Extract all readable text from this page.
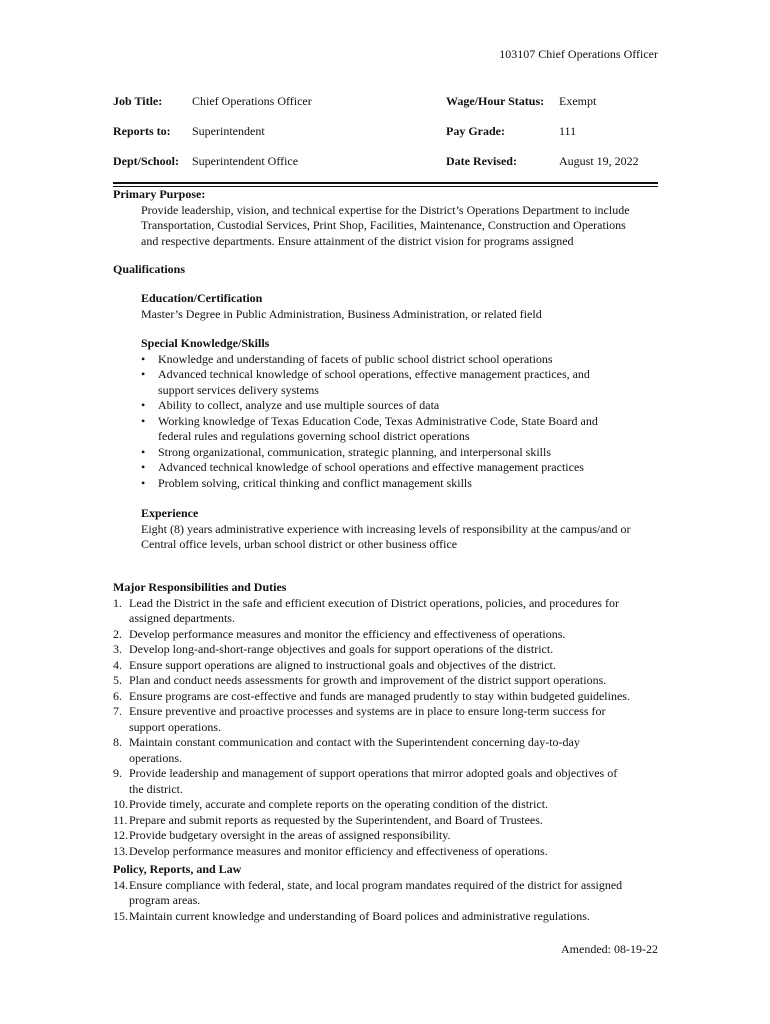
103107 Chief Operations Officer
Job Title: Chief Operations Officer	Wage/Hour Status: Exempt
Reports to: Superintendent	Pay Grade:	111
Dept/School: Superintendent Office	Date Revised:	August 19, 2022
Primary Purpose:
Provide leadership, vision, and technical expertise for the District’s Operations Department to include
Transportation, Custodial Services, Print Shop, Facilities, Maintenance, Construction and Operations
and respective departments. Ensure attainment of the district vision for programs assigned
Qualifications
Education/Certification
Master’s Degree in Public Administration, Business Administration, or related field
Special Knowledge/Skills
• Knowledge and understanding of facets of public school district school operations
• Advanced technical knowledge of school operations, effective management practices, and
support services delivery systems
• Ability to collect, analyze and use multiple sources of data
• Working knowledge of Texas Education Code, Texas Administrative Code, State Board and
federal rules and regulations governing school district operations
• Strong organizational, communication, strategic planning, and interpersonal skills
• Advanced technical knowledge of school operations and effective management practices
• Problem solving, critical thinking and conflict management skills
Experience
Eight (8) years administrative experience with increasing levels of responsibility at the campus/and or
Central office levels, urban school district or other business office
Major Responsibilities and Duties
1. Lead the District in the safe and efficient execution of District operations, policies, and procedures for
assigned departments.
2. Develop performance measures and monitor the efficiency and effectiveness of operations.
3. Develop long-and-short-range objectives and goals for support operations of the district.
4. Ensure support operations are aligned to instructional goals and objectives of the district.
5. Plan and conduct needs assessments for growth and improvement of the district support operations.
6. Ensure programs are cost-effective and funds are managed prudently to stay within budgeted guidelines.
7. Ensure preventive and proactive processes and systems are in place to ensure long-term success for
support operations.
8. Maintain constant communication and contact with the Superintendent concerning day-to-day
operations.
9. Provide leadership and management of support operations that mirror adopted goals and objectives of
the district.
10. Provide timely, accurate and complete reports on the operating condition of the district.
11. Prepare and submit reports as requested by the Superintendent, and Board of Trustees.
12. Provide budgetary oversight in the areas of assigned responsibility.
13. Develop performance measures and monitor efficiency and effectiveness of operations.
Policy, Reports, and Law
14. Ensure compliance with federal, state, and local program mandates required of the district for assigned
program areas.
15. Maintain current knowledge and understanding of Board polices and administrative regulations.
Amended: 08-19-22
